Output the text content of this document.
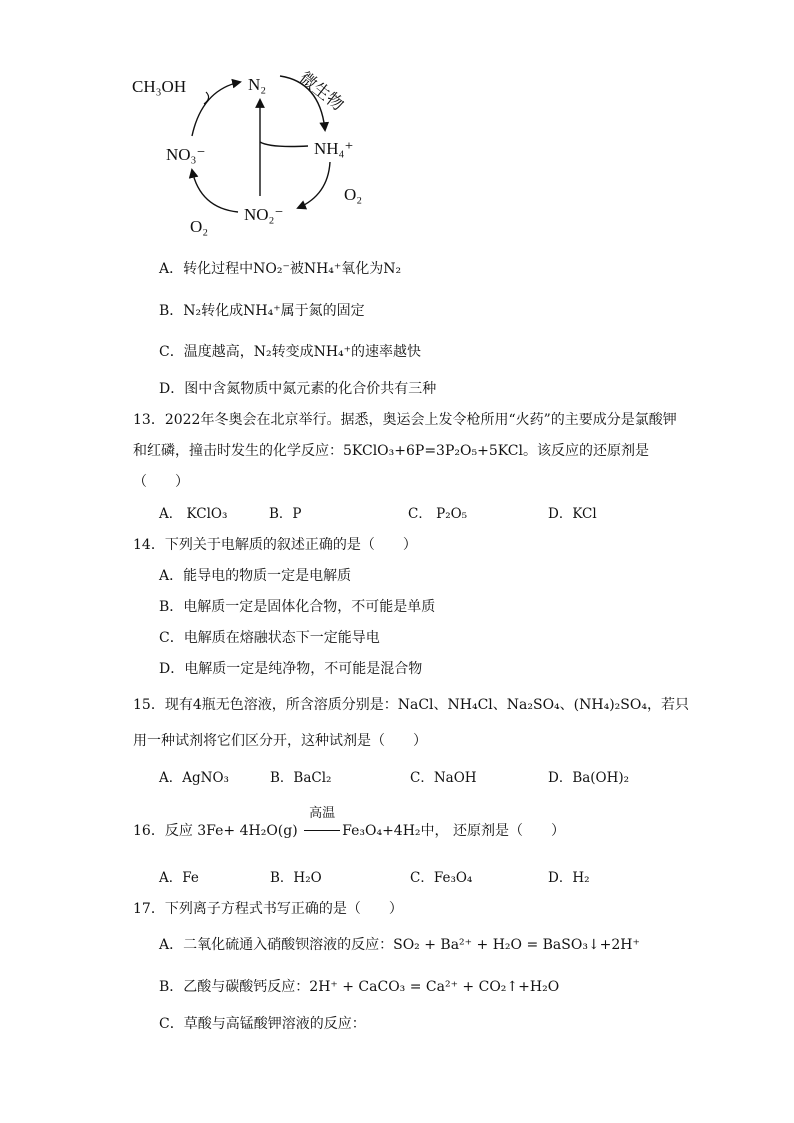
CH₃OH	N₂ 微生物
NH₄⁺
NO₃⁻
NO₂⁻
O₂
O₂
A．转化过程中NO₂⁻被NH₄⁺氧化为N₂
B．N₂转化成NH₄⁺属于氮的固定
C．温度越高，N₂转变成NH₄⁺的速率越快
D．图中含氮物质中氮元素的化合价共有三种
13．2022年冬奥会在北京举行。据悉，奥运会上发令枪所用“火药”的主要成分是氯酸钾
和红磷，撞击时发生的化学反应：5KClO₃+6P=3P₂O₅+5KCl。该反应的还原剂是
（　　）
A． KClO₃	B．P	C． P₂O₅	D．KCl
14．下列关于电解质的叙述正确的是（　　）
A．能导电的物质一定是电解质
B．电解质一定是固体化合物，不可能是单质
C．电解质在熔融状态下一定能导电
D．电解质一定是纯净物，不可能是混合物
15．现有4瓶无色溶液，所含溶质分别是：NaCl、NH₄Cl、Na₂SO₄、(NH₄)₂SO₄，若只
用一种试剂将它们区分开，这种试剂是（　　）
A．AgNO₃	B．BaCl₂	C．NaOH	D．Ba(OH)₂
16．反应 3Fe+ 4H₂O(g)
高温
Fe₃O₄+4H₂中， 还原剂是（　　）
A．Fe	B．H₂O	C．Fe₃O₄	D．H₂
17．下列离子方程式书写正确的是（　　）
A．二氧化硫通入硝酸钡溶液的反应：SO₂ + Ba²⁺ + H₂O = BaSO₃↓+2H⁺
B．乙酸与碳酸钙反应：2H⁺ + CaCO₃ = Ca²⁺ + CO₂↑+H₂O
C．草酸与高锰酸钾溶液的反应：
